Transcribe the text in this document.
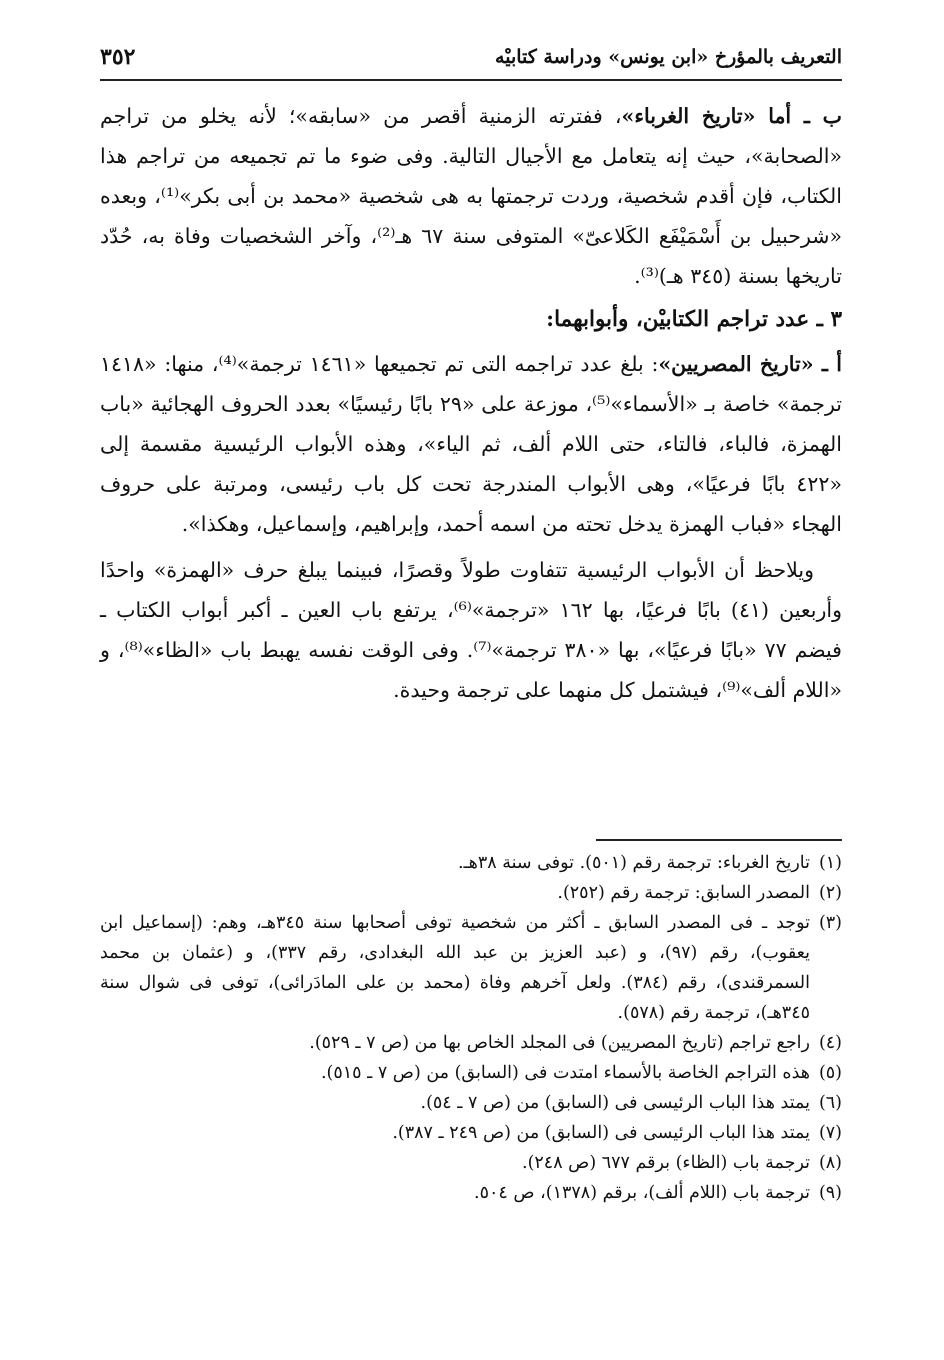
التعريف بالمؤرخ «ابن يونس» ودراسة كتابيْه
٣٥٢

ب ـ أما «تاريخ الغرباء»، ففترته الزمنية أقصر من «سابقه»؛ لأنه يخلو من تراجم «الصحابة»، حيث إنه يتعامل مع الأجيال التالية. وفى ضوء ما تم تجميعه من تراجم هذا الكتاب، فإن أقدم شخصية، وردت ترجمتها به هى شخصية «محمد بن أبى بكر»⁽¹⁾، وبعده «شرحبيل بن أَسْمَيْفَع الكَلاعىّ» المتوفى سنة ٦٧ هـ⁽²⁾، وآخر الشخصيات وفاة به، حُدّد تاريخها بسنة (٣٤٥ هـ)⁽³⁾.

٣ ـ عدد تراجم الكتابيْن، وأبوابهما:

أ ـ «تاريخ المصريين»: بلغ عدد تراجمه التى تم تجميعها «١٤٦١ ترجمة»⁽⁴⁾، منها: «١٤١٨ ترجمة» خاصة بـ «الأسماء»⁽⁵⁾، موزعة على «٢٩ بابًا رئيسيًا» بعدد الحروف الهجائية «باب الهمزة، فالباء، فالتاء، حتى اللام ألف، ثم الياء»، وهذه الأبواب الرئيسية مقسمة إلى «٤٢٢ بابًا فرعيًا»، وهى الأبواب المندرجة تحت كل باب رئيسى، ومرتبة على حروف الهجاء «فباب الهمزة يدخل تحته من اسمه أحمد، وإبراهيم، وإسماعيل، وهكذا».

ويلاحظ أن الأبواب الرئيسية تتفاوت طولاً وقصرًا، فبينما يبلغ حرف «الهمزة» واحدًا وأربعين (٤١) بابًا فرعيًا، بها ١٦٢ «ترجمة»⁽⁶⁾، يرتفع باب العين ـ أكبر أبواب الكتاب ـ فيضم ٧٧ «بابًا فرعيًا»، بها «٣٨٠ ترجمة»⁽⁷⁾. وفى الوقت نفسه يهبط باب «الظاء»⁽⁸⁾، و «اللام ألف»⁽⁹⁾، فيشتمل كل منهما على ترجمة وحيدة.

(١)
تاريخ الغرباء: ترجمة رقم (٥٠١). توفى سنة ٣٨هـ.
(٢)
المصدر السابق: ترجمة رقم (٢٥٢).
(٣)
توجد ـ فى المصدر السابق ـ أكثر من شخصية توفى أصحابها سنة ٣٤٥هـ، وهم: (إسماعيل ابن يعقوب)، رقم (٩٧)، و (عبد العزيز بن عبد الله البغدادى، رقم ٣٣٧)، و (عثمان بن محمد السمرقندى)، رقم (٣٨٤). ولعل آخرهم وفاة (محمد بن على المادَرائى)، توفى فى شوال سنة ٣٤٥هـ)، ترجمة رقم (٥٧٨).
(٤)
راجع تراجم (تاريخ المصريين) فى المجلد الخاص بها من (ص ٧ ـ ٥٢٩).
(٥)
هذه التراجم الخاصة بالأسماء امتدت فى (السابق) من (ص ٧ ـ ٥١٥).
(٦)
يمتد هذا الباب الرئيسى فى (السابق) من (ص ٧ ـ ٥٤).
(٧)
يمتد هذا الباب الرئيسى فى (السابق) من (ص ٢٤٩ ـ ٣٨٧).
(٨)
ترجمة باب (الظاء) برقم ٦٧٧ (ص ٢٤٨).
(٩)
ترجمة باب (اللام ألف)، برقم (١٣٧٨)، ص ٥٠٤.
